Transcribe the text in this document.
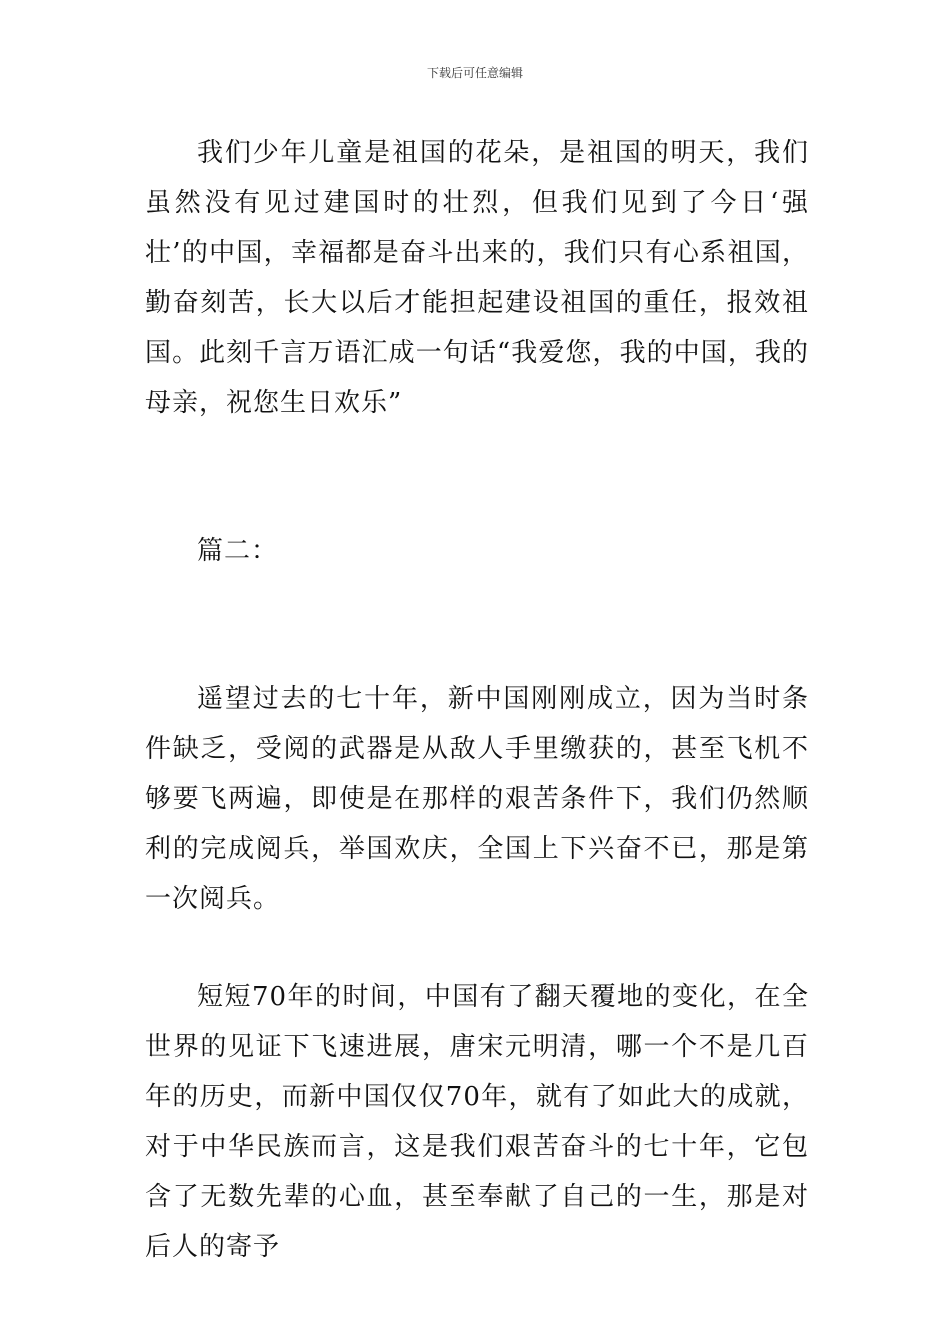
下载后可任意编辑

我们少年儿童是祖国的花朵，是祖国的明天，我们虽然没有见过建国时的壮烈，但我们见到了今日‘强壮’的中国，幸福都是奋斗出来的，我们只有心系祖国，勤奋刻苦，长大以后才能担起建设祖国的重任，报效祖国。此刻千言万语汇成一句话“我爱您，我的中国，我的母亲，祝您生日欢乐”

篇二：

遥望过去的七十年，新中国刚刚成立，因为当时条件缺乏，受阅的武器是从敌人手里缴获的，甚至飞机不够要飞两遍，即使是在那样的艰苦条件下，我们仍然顺利的完成阅兵，举国欢庆，全国上下兴奋不已，那是第一次阅兵。

短短70年的时间，中国有了翻天覆地的变化，在全世界的见证下飞速进展，唐宋元明清，哪一个不是几百年的历史，而新中国仅仅70年，就有了如此大的成就，对于中华民族而言，这是我们艰苦奋斗的七十年，它包含了无数先辈的心血，甚至奉献了自己的一生，那是对后人的寄予
